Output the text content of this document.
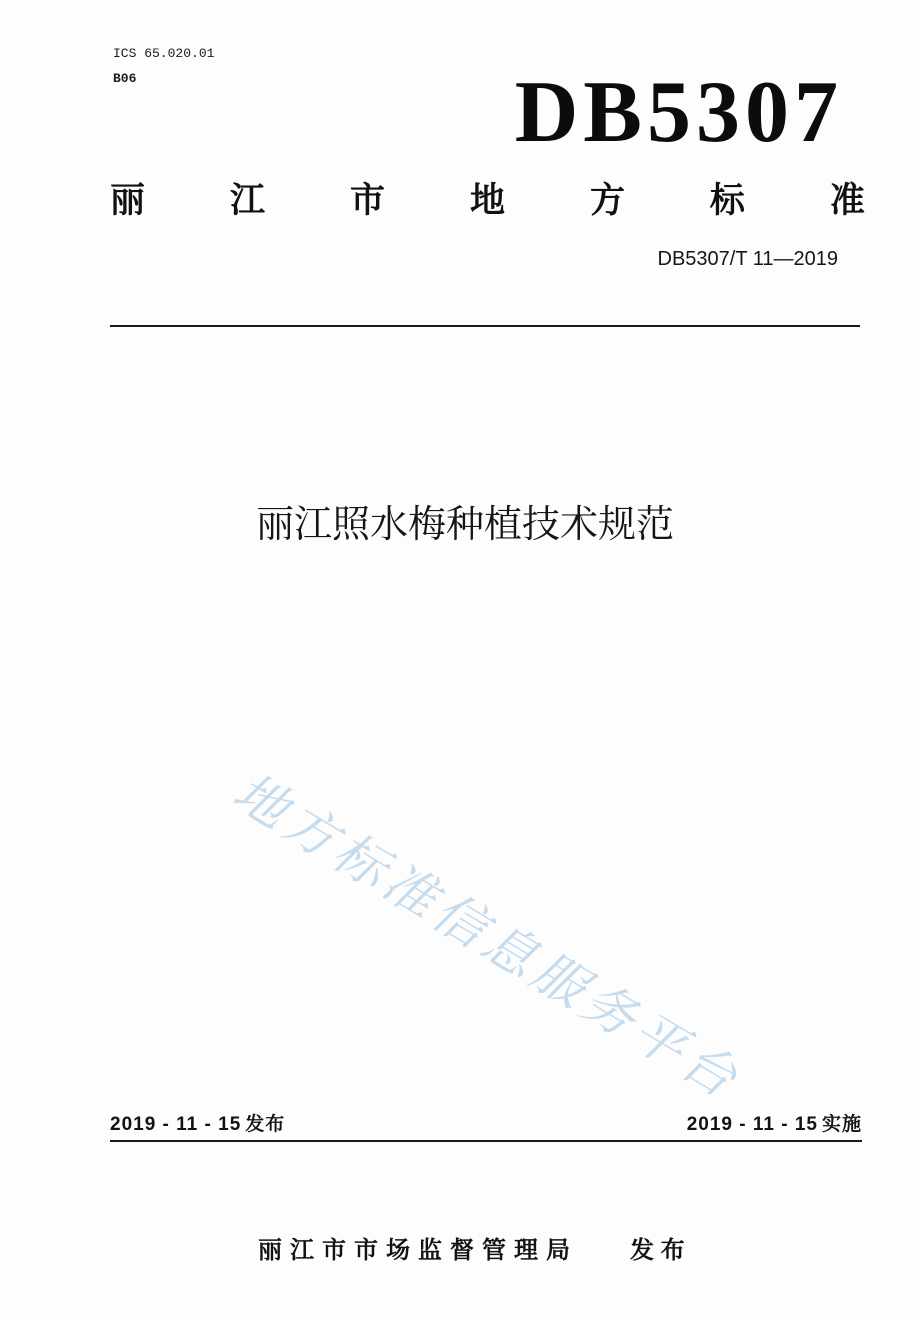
ICS 65.020.01
B06	DB5307
丽 江 市 地 方 标 准
DB5307/T 11—2019
丽江照水梅种植技术规范
地方标准信息服务平台
2019 - 11 - 15 发布	2019 - 11 - 15 实施
丽江市市场监督管理局 发 布
